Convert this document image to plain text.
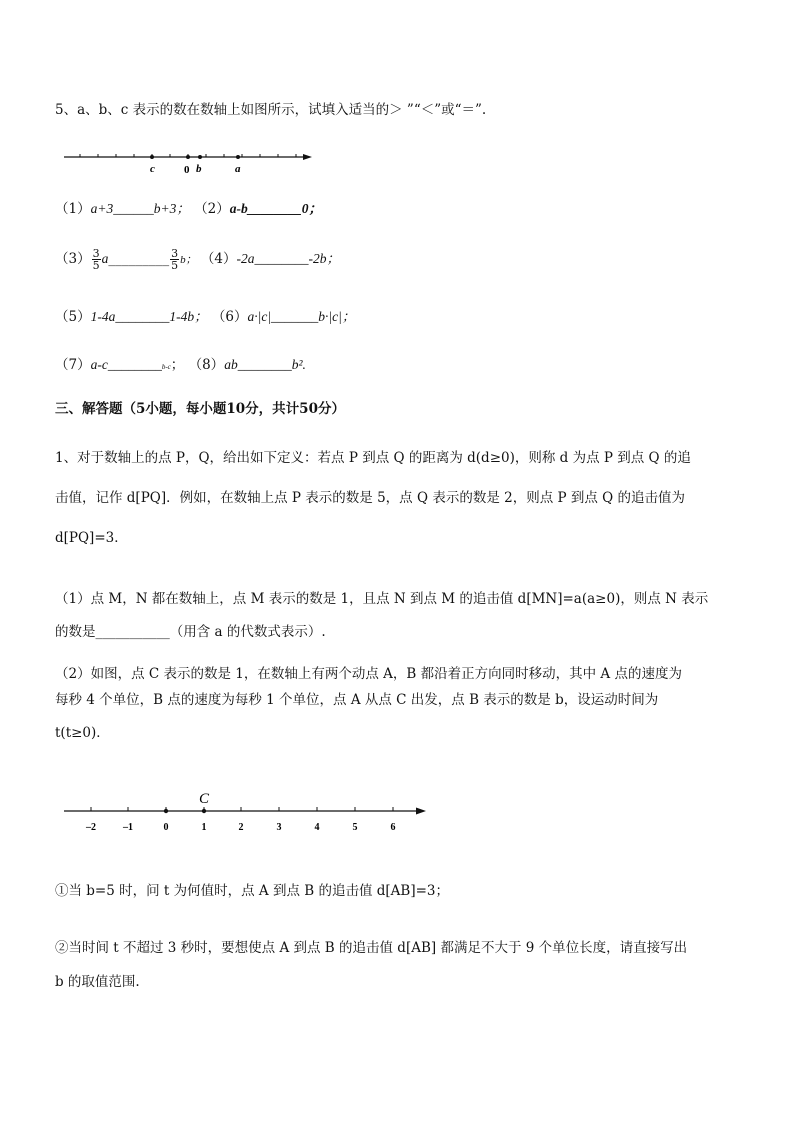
5、a、b、c 表示的数在数轴上如图所示，试填入适当的＞ ”“＜”或“＝”.
c	0 b	a
（1）a+3______b+3； （2）a-b________0；
$(3) \frac{3}{5}$ a_________ $\frac{3}{5}$ b； （4）-2a________-2b；
（5）1-4a________1-4b； （6）a·|c|_______b·|c|；
（7）a-c________b-c； （8）ab________b².
三、解答题（5小题，每小题10分，共计50分）
1、对于数轴上的点 P，Q，给出如下定义：若点 P 到点 Q 的距离为 d(d≥0)，则称 d 为点 P 到点 Q 的追
击值，记作 d[PQ]．例如，在数轴上点 P 表示的数是 5，点 Q 表示的数是 2，则点 P 到点 Q 的追击值为
d[PQ]=3．
（1）点 M，N 都在数轴上，点 M 表示的数是 1，且点 N 到点 M 的追击值 d[MN]=a(a≥0)，则点 N 表示
的数是___________（用含 a 的代数式表示）.
（2）如图，点 C 表示的数是 1，在数轴上有两个动点 A，B 都沿着正方向同时移动，其中 A 点的速度为
每秒 4 个单位，B 点的速度为每秒 1 个单位，点 A 从点 C 出发，点 B 表示的数是 b，设运动时间为
t(t≥0)．
C
–2	–1	0	1	2	3	4	5	6
①当 b=5 时，问 t 为何值时，点 A 到点 B 的追击值 d[AB]=3；
②当时间 t 不超过 3 秒时，要想使点 A 到点 B 的追击值 d[AB] 都满足不大于 9 个单位长度，请直接写出
b 的取值范围.
